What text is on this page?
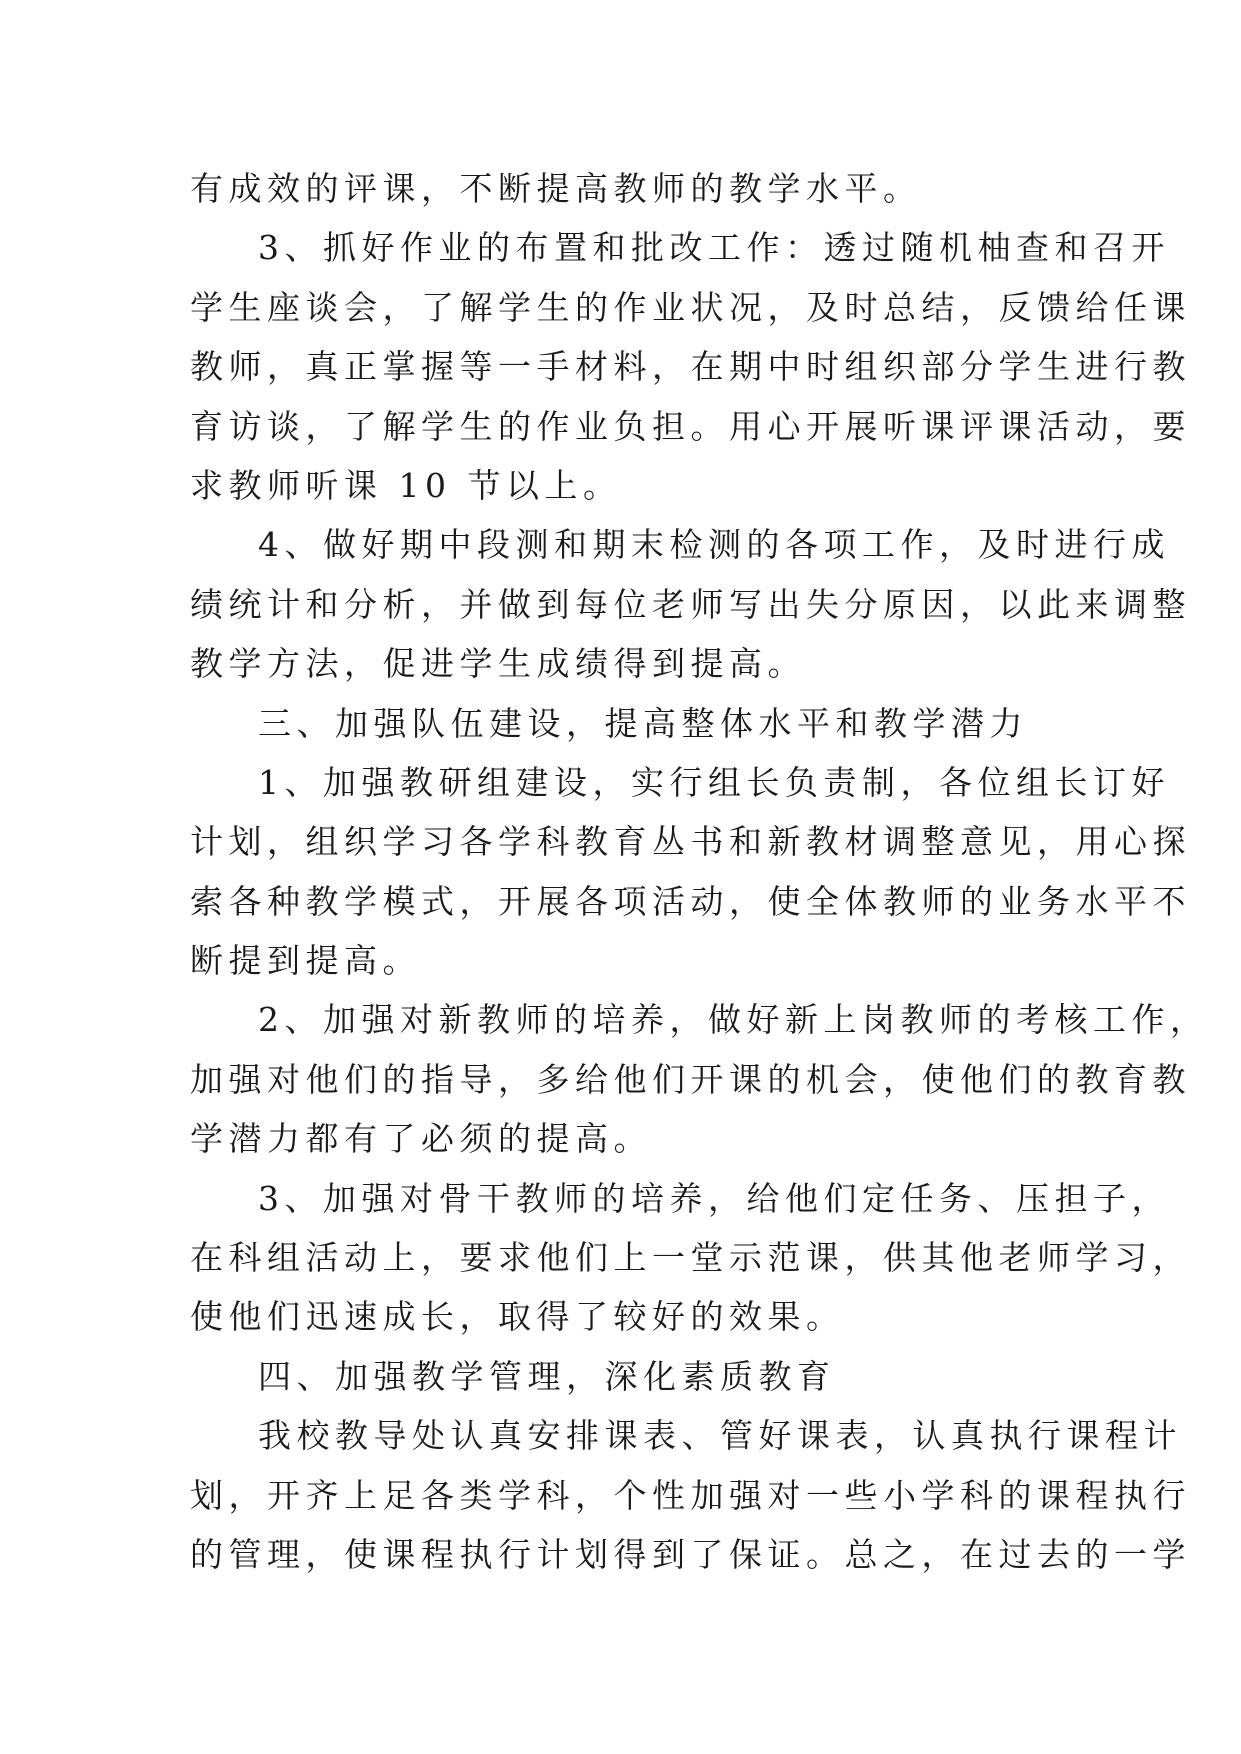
有成效的评课，不断提高教师的教学水平。
3、抓好作业的布置和批改工作：透过随机柚查和召开
学生座谈会，了解学生的作业状况，及时总结，反馈给任课
教师，真正掌握等一手材料，在期中时组织部分学生进行教
育访谈，了解学生的作业负担。用心开展听课评课活动，要
求教师听课 10 节以上。
4、做好期中段测和期末检测的各项工作，及时进行成
绩统计和分析，并做到每位老师写出失分原因，以此来调整
教学方法，促进学生成绩得到提高。
三、加强队伍建设，提高整体水平和教学潜力
1、加强教研组建设，实行组长负责制，各位组长订好
计划，组织学习各学科教育丛书和新教材调整意见，用心探
索各种教学模式，开展各项活动，使全体教师的业务水平不
断提到提高。
2、加强对新教师的培养，做好新上岗教师的考核工作，
加强对他们的指导，多给他们开课的机会，使他们的教育教
学潜力都有了必须的提高。
3、加强对骨干教师的培养，给他们定任务、压担子，
在科组活动上，要求他们上一堂示范课，供其他老师学习，
使他们迅速成长，取得了较好的效果。
四、加强教学管理，深化素质教育
我校教导处认真安排课表、管好课表，认真执行课程计
划，开齐上足各类学科，个性加强对一些小学科的课程执行
的管理，使课程执行计划得到了保证。总之，在过去的一学
